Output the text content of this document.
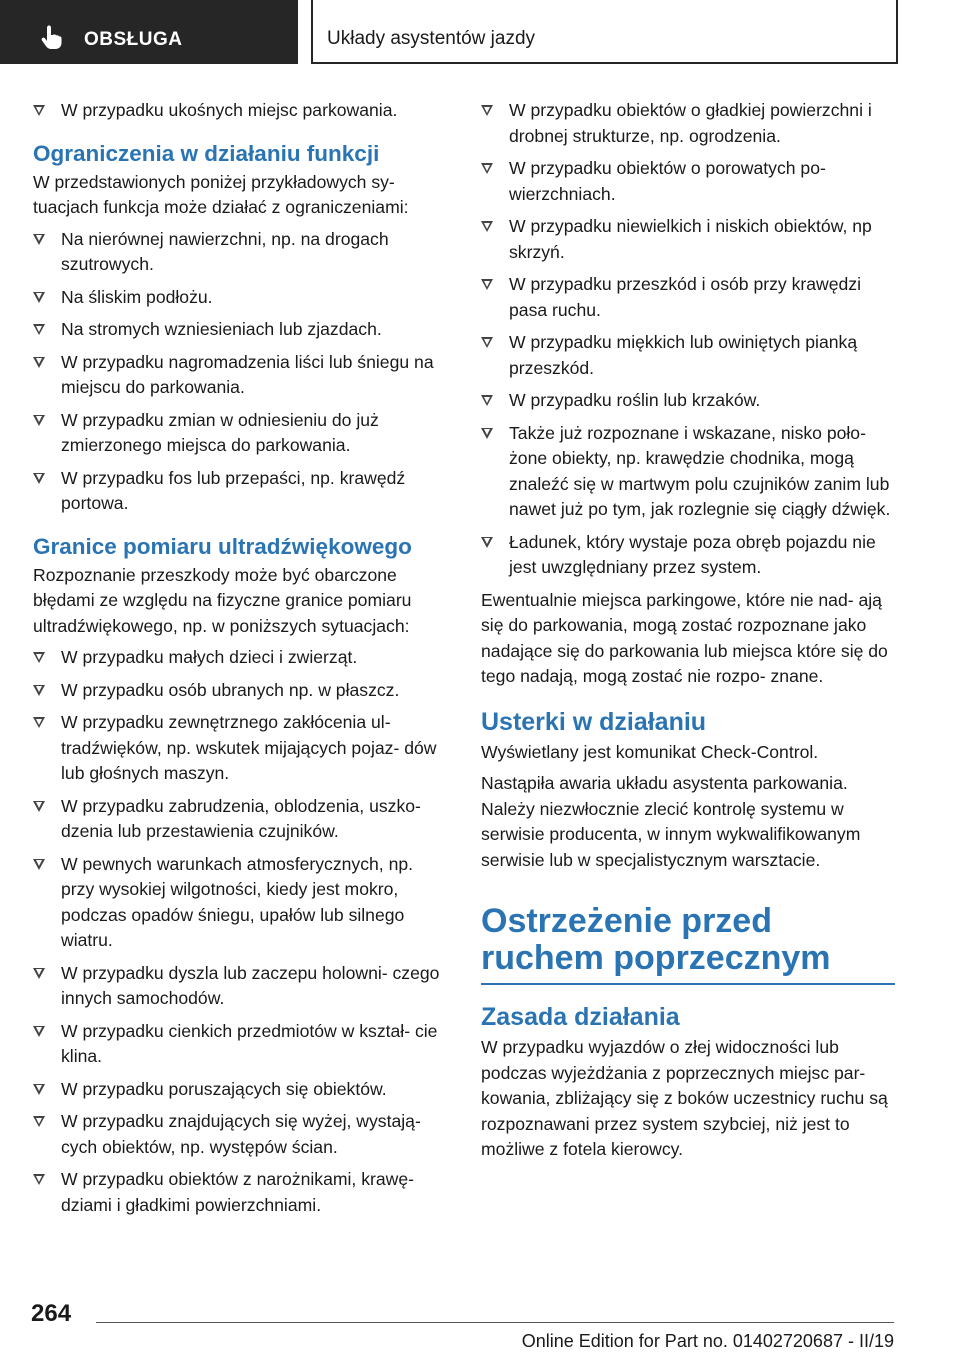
OBSŁUGA	Układy asystentów jazdy
W przypadku ukośnych miejsc parkowania.
Ograniczenia w działaniu funkcji
W przedstawionych poniżej przykładowych sy- tuacjach funkcja może działać z ograniczeniami:
Na nierównej nawierzchni, np. na drogach szutrowych.
Na śliskim podłożu.
Na stromych wzniesieniach lub zjazdach.
W przypadku nagromadzenia liści lub śniegu na miejscu do parkowania.
W przypadku zmian w odniesieniu do już zmierzonego miejsca do parkowania.
W przypadku fos lub przepaści, np. krawędź portowa.
Granice pomiaru ultradźwiękowego
Rozpoznanie przeszkody może być obarczone błędami ze względu na fizyczne granice pomiaru ultradźwiękowego, np. w poniższych sytuacjach:
W przypadku małych dzieci i zwierząt.
W przypadku osób ubranych np. w płaszcz.
W przypadku zewnętrznego zakłócenia ul- tradźwięków, np. wskutek mijających pojaz- dów lub głośnych maszyn.
W przypadku zabrudzenia, oblodzenia, uszko- dzenia lub przestawienia czujników.
W pewnych warunkach atmosferycznych, np. przy wysokiej wilgotności, kiedy jest mokro, podczas opadów śniegu, upałów lub silnego wiatru.
W przypadku dyszla lub zaczepu holowni- czego innych samochodów.
W przypadku cienkich przedmiotów w kształ- cie klina.
W przypadku poruszających się obiektów.
W przypadku znajdujących się wyżej, wystają- cych obiektów, np. występów ścian.
W przypadku obiektów z narożnikami, krawę- dziami i gładkimi powierzchniami.
W przypadku obiektów o gładkiej powierzchni i drobnej strukturze, np. ogrodzenia.
W przypadku obiektów o porowatych po- wierzchniach.
W przypadku niewielkich i niskich obiektów, np skrzyń.
W przypadku przeszkód i osób przy krawędzi pasa ruchu.
W przypadku miękkich lub owiniętych pianką przeszkód.
W przypadku roślin lub krzaków.
Także już rozpoznane i wskazane, nisko poło- żone obiekty, np. krawędzie chodnika, mogą znaleźć się w martwym polu czujników zanim lub nawet już po tym, jak rozlegnie się ciągły dźwięk.
Ładunek, który wystaje poza obręb pojazdu nie jest uwzględniany przez system.
Ewentualnie miejsca parkingowe, które nie nad- ają się do parkowania, mogą zostać rozpoznane jako nadające się do parkowania lub miejsca które się do tego nadają, mogą zostać nie rozpo- znane.
Usterki w działaniu
Wyświetlany jest komunikat Check-Control.
Nastąpiła awaria układu asystenta parkowania. Należy niezwłocznie zlecić kontrolę systemu w serwisie producenta, w innym wykwalifikowanym serwisie lub w specjalistycznym warsztacie.
Ostrzeżenie przed ruchem poprzecznym
Zasada działania
W przypadku wyjazdów o złej widoczności lub podczas wyjeżdżania z poprzecznych miejsc par- kowania, zbliżający się z boków uczestnicy ruchu są rozpoznawani przez system szybciej, niż jest to możliwe z fotela kierowcy.
264
Online Edition for Part no. 01402720687 - II/19
